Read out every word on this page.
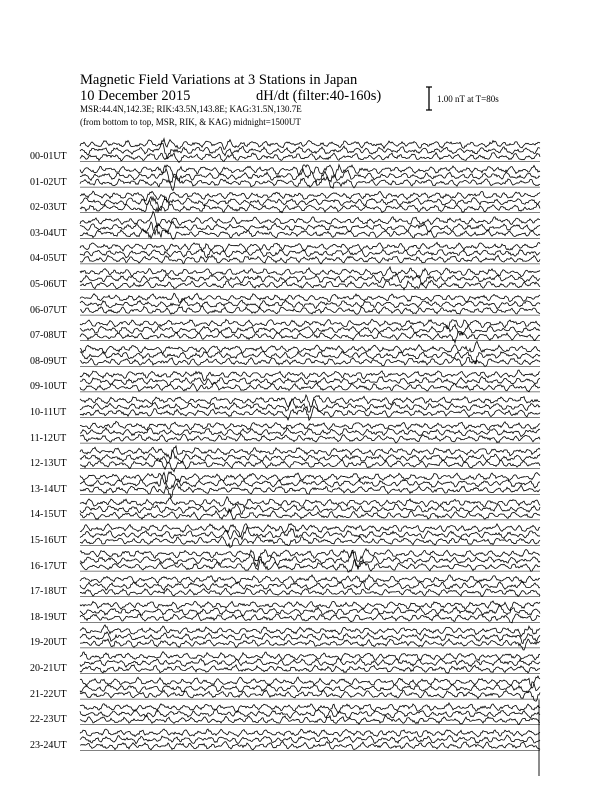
Magnetic Field Variations at 3 Stations in Japan
10 December 2015	dH/dt (filter:40-160s)
MSR:44.4N,142.3E; RIK:43.5N,143.8E; KAG:31.5N,130.7E
(from bottom to top, MSR, RIK, & KAG) midnight=1500UT
1.00 nT at T=80s
00-01UT
01-02UT
02-03UT
03-04UT
04-05UT
05-06UT
06-07UT
07-08UT
08-09UT
09-10UT
10-11UT
11-12UT
12-13UT
13-14UT
14-15UT
15-16UT
16-17UT
17-18UT
18-19UT
19-20UT
20-21UT
21-22UT
22-23UT
23-24UT
